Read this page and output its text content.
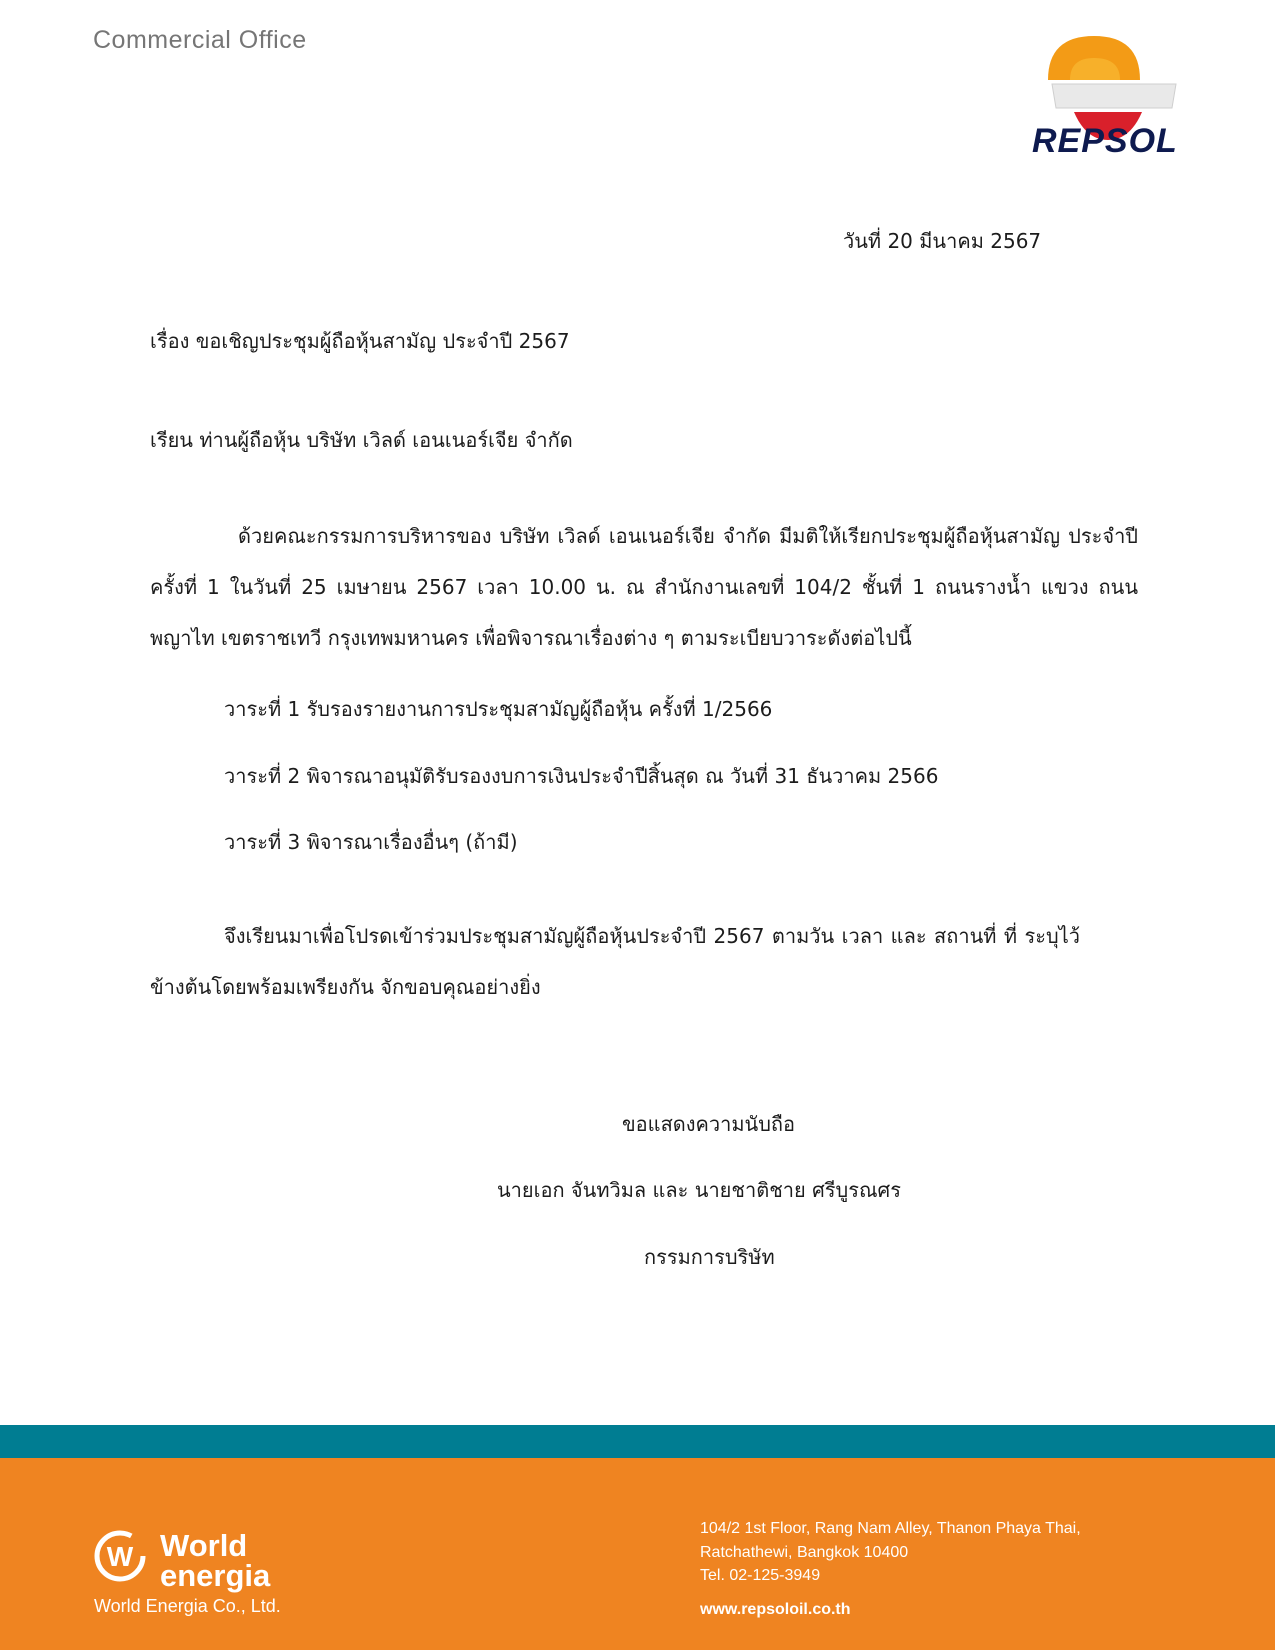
Commercial Office
REPSOL
วันที่ 20 มีนาคม 2567
เรื่อง ขอเชิญประชุมผู้ถือหุ้นสามัญ ประจำปี 2567
เรียน ท่านผู้ถือหุ้น บริษัท เวิลด์ เอนเนอร์เจีย จำกัด
ด้วยคณะกรรมการบริหารของ บริษัท เวิลด์ เอนเนอร์เจีย จำกัด มีมติให้เรียกประชุมผู้ถือหุ้นสามัญ ประจำปี ครั้งที่ 1 ในวันที่ 25 เมษายน 2567 เวลา 10.00 น. ณ สำนักงานเลขที่ 104/2 ชั้นที่ 1 ถนนรางน้ำ แขวง ถนนพญาไท เขตราชเทวี กรุงเทพมหานคร เพื่อพิจารณาเรื่องต่าง ๆ ตามระเบียบวาระดังต่อไปนี้
วาระที่ 1 รับรองรายงานการประชุมสามัญผู้ถือหุ้น ครั้งที่ 1/2566
วาระที่ 2 พิจารณาอนุมัติรับรองงบการเงินประจำปีสิ้นสุด ณ วันที่ 31 ธันวาคม 2566
วาระที่ 3 พิจารณาเรื่องอื่นๆ (ถ้ามี)
จึงเรียนมาเพื่อโปรดเข้าร่วมประชุมสามัญผู้ถือหุ้นประจำปี 2567 ตามวัน เวลา และ สถานที่ ที่ ระบุไว้ข้างต้นโดยพร้อมเพรียงกัน จักขอบคุณอย่างยิ่ง
ขอแสดงความนับถือ
นายเอก จันทวิมล และ นายชาติชาย ศรีบูรณศร
กรรมการบริษัท
W World
energia
World Energia Co., Ltd.
104/2 1st Floor, Rang Nam Alley, Thanon Phaya Thai,
Ratchathewi, Bangkok 10400
Tel. 02-125-3949
www.repsoloil.co.th
